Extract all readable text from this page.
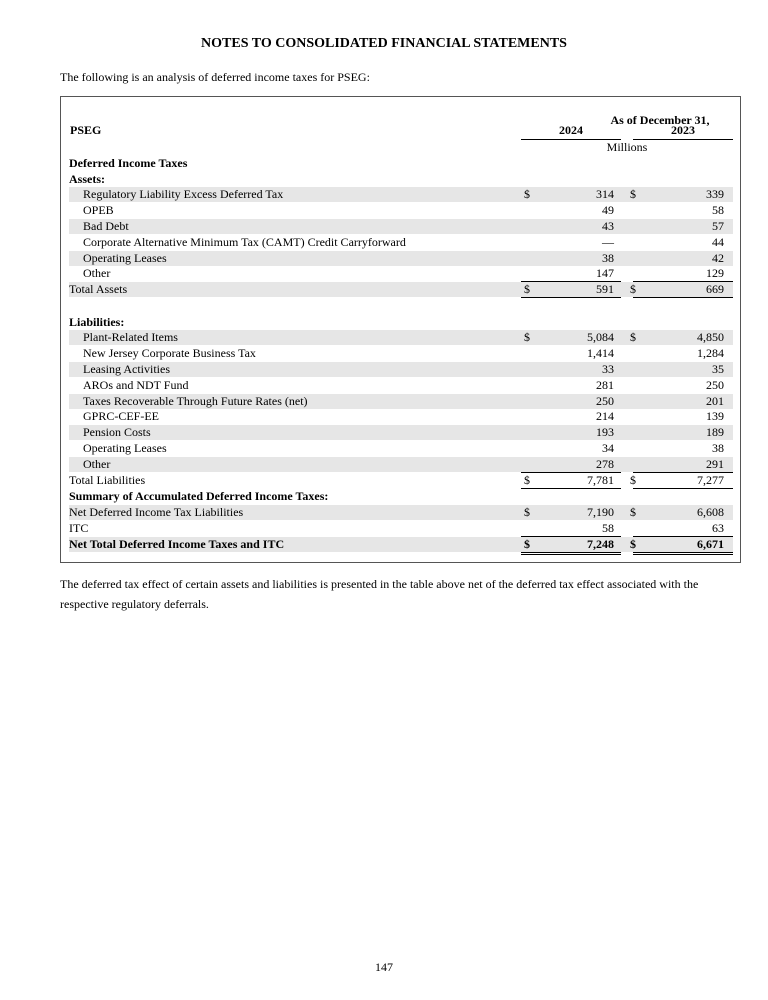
NOTES TO CONSOLIDATED FINANCIAL STATEMENTS
The following is an analysis of deferred income taxes for PSEG:
As of December 31,
PSEG	2024	2023
Millions
Deferred Income Taxes
Assets:
Regulatory Liability Excess Deferred Tax	$	314 $	339
OPEB	49	58
Bad Debt	43	57
Corporate Alternative Minimum Tax (CAMT) Credit Carryforward	—	44
Operating Leases	38	42
Other	147	129
Total Assets	$	591 $	669
Liabilities:
Plant-Related Items	$	5,084 $	4,850
New Jersey Corporate Business Tax	1,414	1,284
Leasing Activities	33	35
AROs and NDT Fund	281	250
Taxes Recoverable Through Future Rates (net)	250	201
GPRC-CEF-EE	214	139
Pension Costs	193	189
Operating Leases	34	38
Other	278	291
Total Liabilities	$	7,781 $	7,277
Summary of Accumulated Deferred Income Taxes:
Net Deferred Income Tax Liabilities	$	7,190 $	6,608
ITC	58	63
Net Total Deferred Income Taxes and ITC	$	7,248 $	6,671
The deferred tax effect of certain assets and liabilities is presented in the table above net of the deferred tax effect associated with the respective regulatory deferrals.
147
